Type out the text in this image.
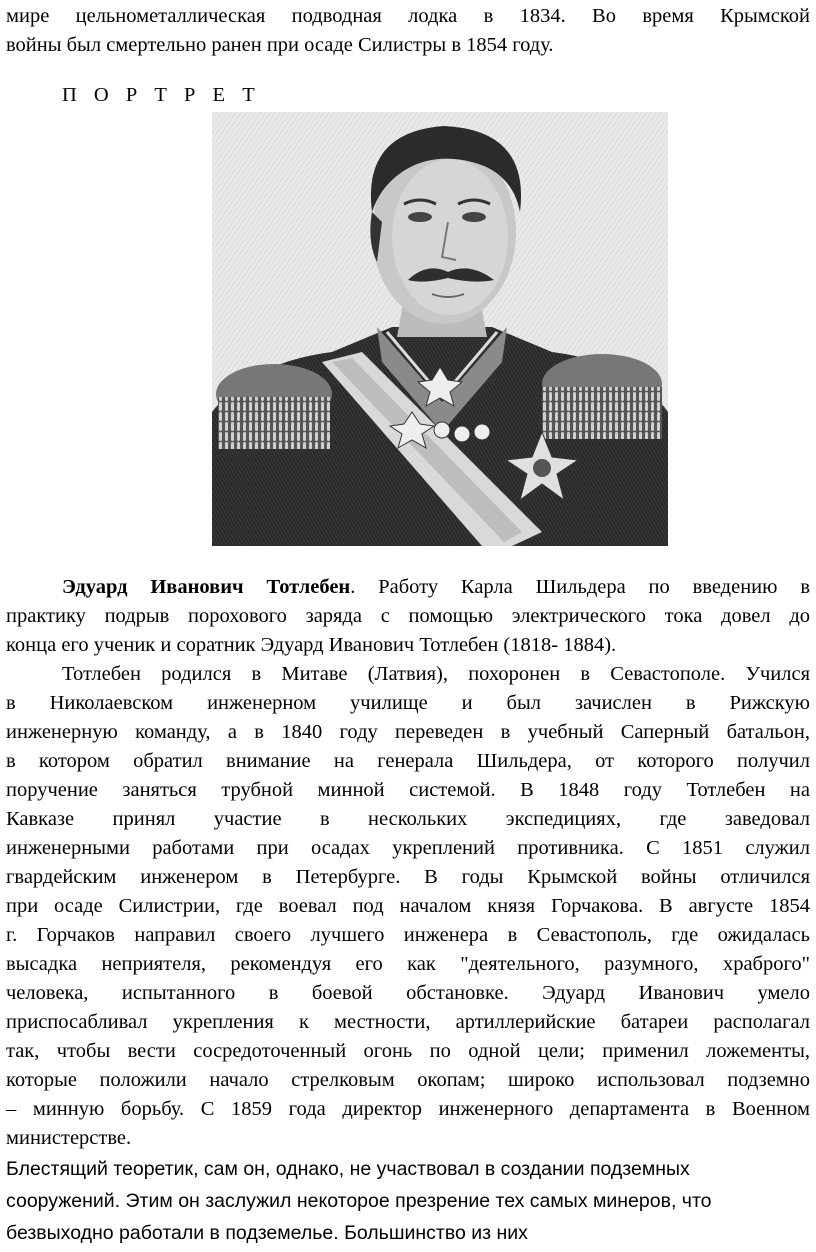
мире цельнометаллическая подводная лодка в 1834. Во время Крымской
войны был смертельно ранен при осаде Силистры в 1854 году.
П О Р Т Р Е Т
Эдуард Иванович Тотлебен. Работу Карла Шильдера по введению в
практику подрыв порохового заряда с помощью электрического тока довел до
конца его ученик и соратник Эдуард Иванович Тотлебен (1818- 1884).
Тотлебен родился в Митаве (Латвия), похоронен в Севастополе. Учился
в Николаевском инженерном училище и был зачислен в Рижскую
инженерную команду, а в 1840 году переведен в учебный Саперный батальон,
в котором обратил внимание на генерала Шильдера, от которого получил
поручение заняться трубной минной системой. В 1848 году Тотлебен на
Кавказе принял участие в нескольких экспедициях, где заведовал
инженерными работами при осадах укреплений противника. С 1851 служил
гвардейским инженером в Петербурге. В годы Крымской войны отличился
при осаде Силистрии, где воевал под началом князя Горчакова. В августе 1854
г. Горчаков направил своего лучшего инженера в Севастополь, где ожидалась
высадка неприятеля, рекомендуя его как "деятельного, разумного, храброго"
человека, испытанного в боевой обстановке. Эдуард Иванович умело
приспосабливал укрепления к местности, артиллерийские батареи располагал
так, чтобы вести сосредоточенный огонь по одной цели; применил ложементы,
которые положили начало стрелковым окопам; широко использовал подземно
– минную борьбу. С 1859 года директор инженерного департамента в Военном
министерстве.
Блестящий теоретик, сам он, однако, не участвовал в создании подземных
сооружений. Этим он заслужил некоторое презрение тех самых минеров, что
безвыходно работали в подземелье. Большинство из них
